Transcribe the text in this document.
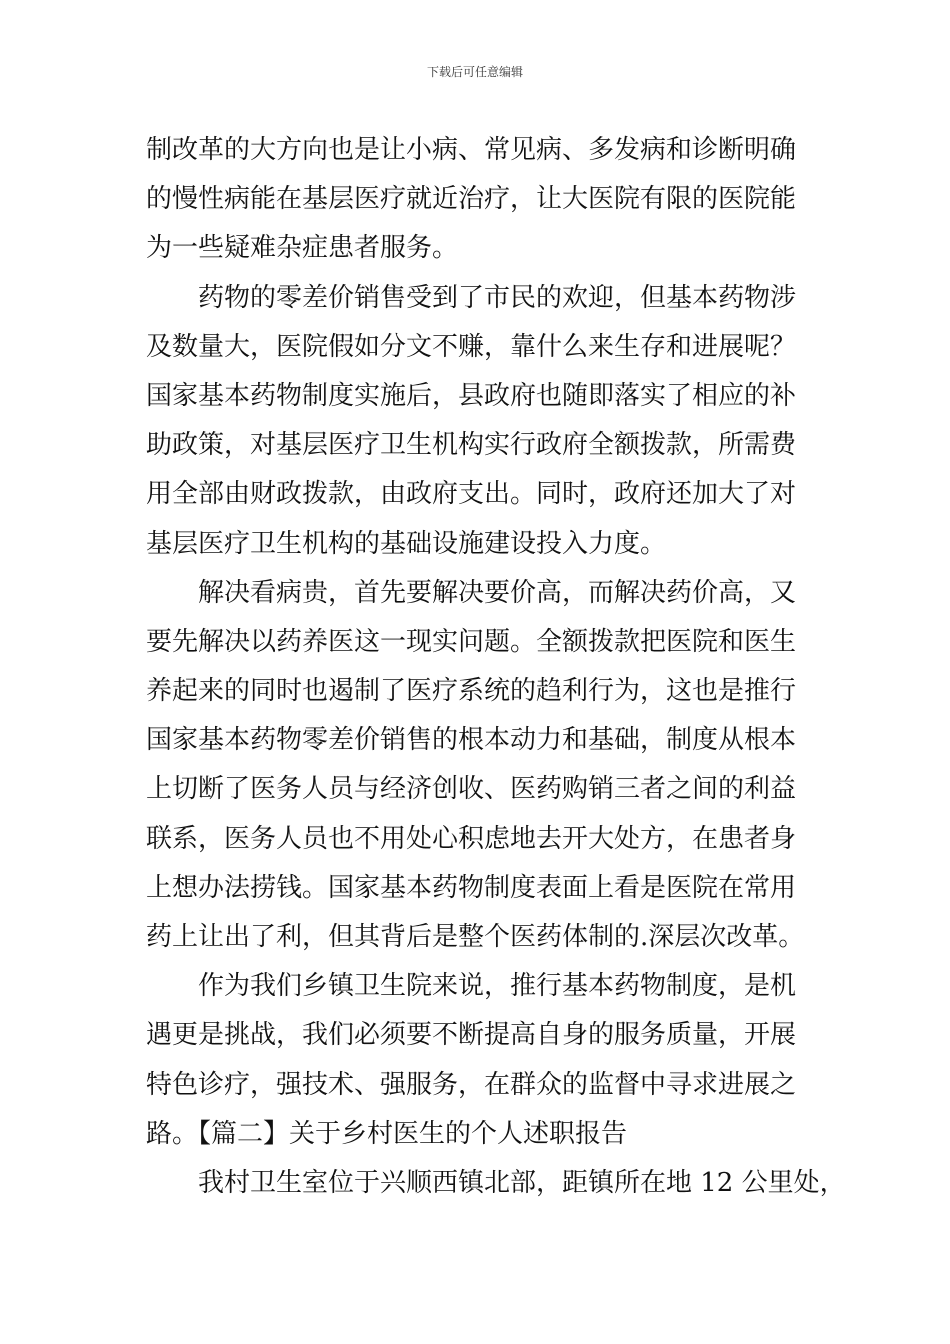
下载后可任意编辑
制改革的大方向也是让小病、常见病、多发病和诊断明确
的慢性病能在基层医疗就近治疗，让大医院有限的医院能
为一些疑难杂症患者服务。
药物的零差价销售受到了市民的欢迎，但基本药物涉
及数量大，医院假如分文不赚，靠什么来生存和进展呢？
国家基本药物制度实施后，县政府也随即落实了相应的补
助政策，对基层医疗卫生机构实行政府全额拨款，所需费
用全部由财政拨款，由政府支出。同时，政府还加大了对
基层医疗卫生机构的基础设施建设投入力度。
解决看病贵，首先要解决要价高，而解决药价高，又
要先解决以药养医这一现实问题。全额拨款把医院和医生
养起来的同时也遏制了医疗系统的趋利行为，这也是推行
国家基本药物零差价销售的根本动力和基础，制度从根本
上切断了医务人员与经济创收、医药购销三者之间的利益
联系，医务人员也不用处心积虑地去开大处方，在患者身
上想办法捞钱。国家基本药物制度表面上看是医院在常用
药上让出了利，但其背后是整个医药体制的.深层次改革。
作为我们乡镇卫生院来说，推行基本药物制度，是机
遇更是挑战，我们必须要不断提高自身的服务质量，开展
特色诊疗，强技术、强服务，在群众的监督中寻求进展之
路。【篇二】关于乡村医生的个人述职报告
我村卫生室位于兴顺西镇北部，距镇所在地 12 公里处，
